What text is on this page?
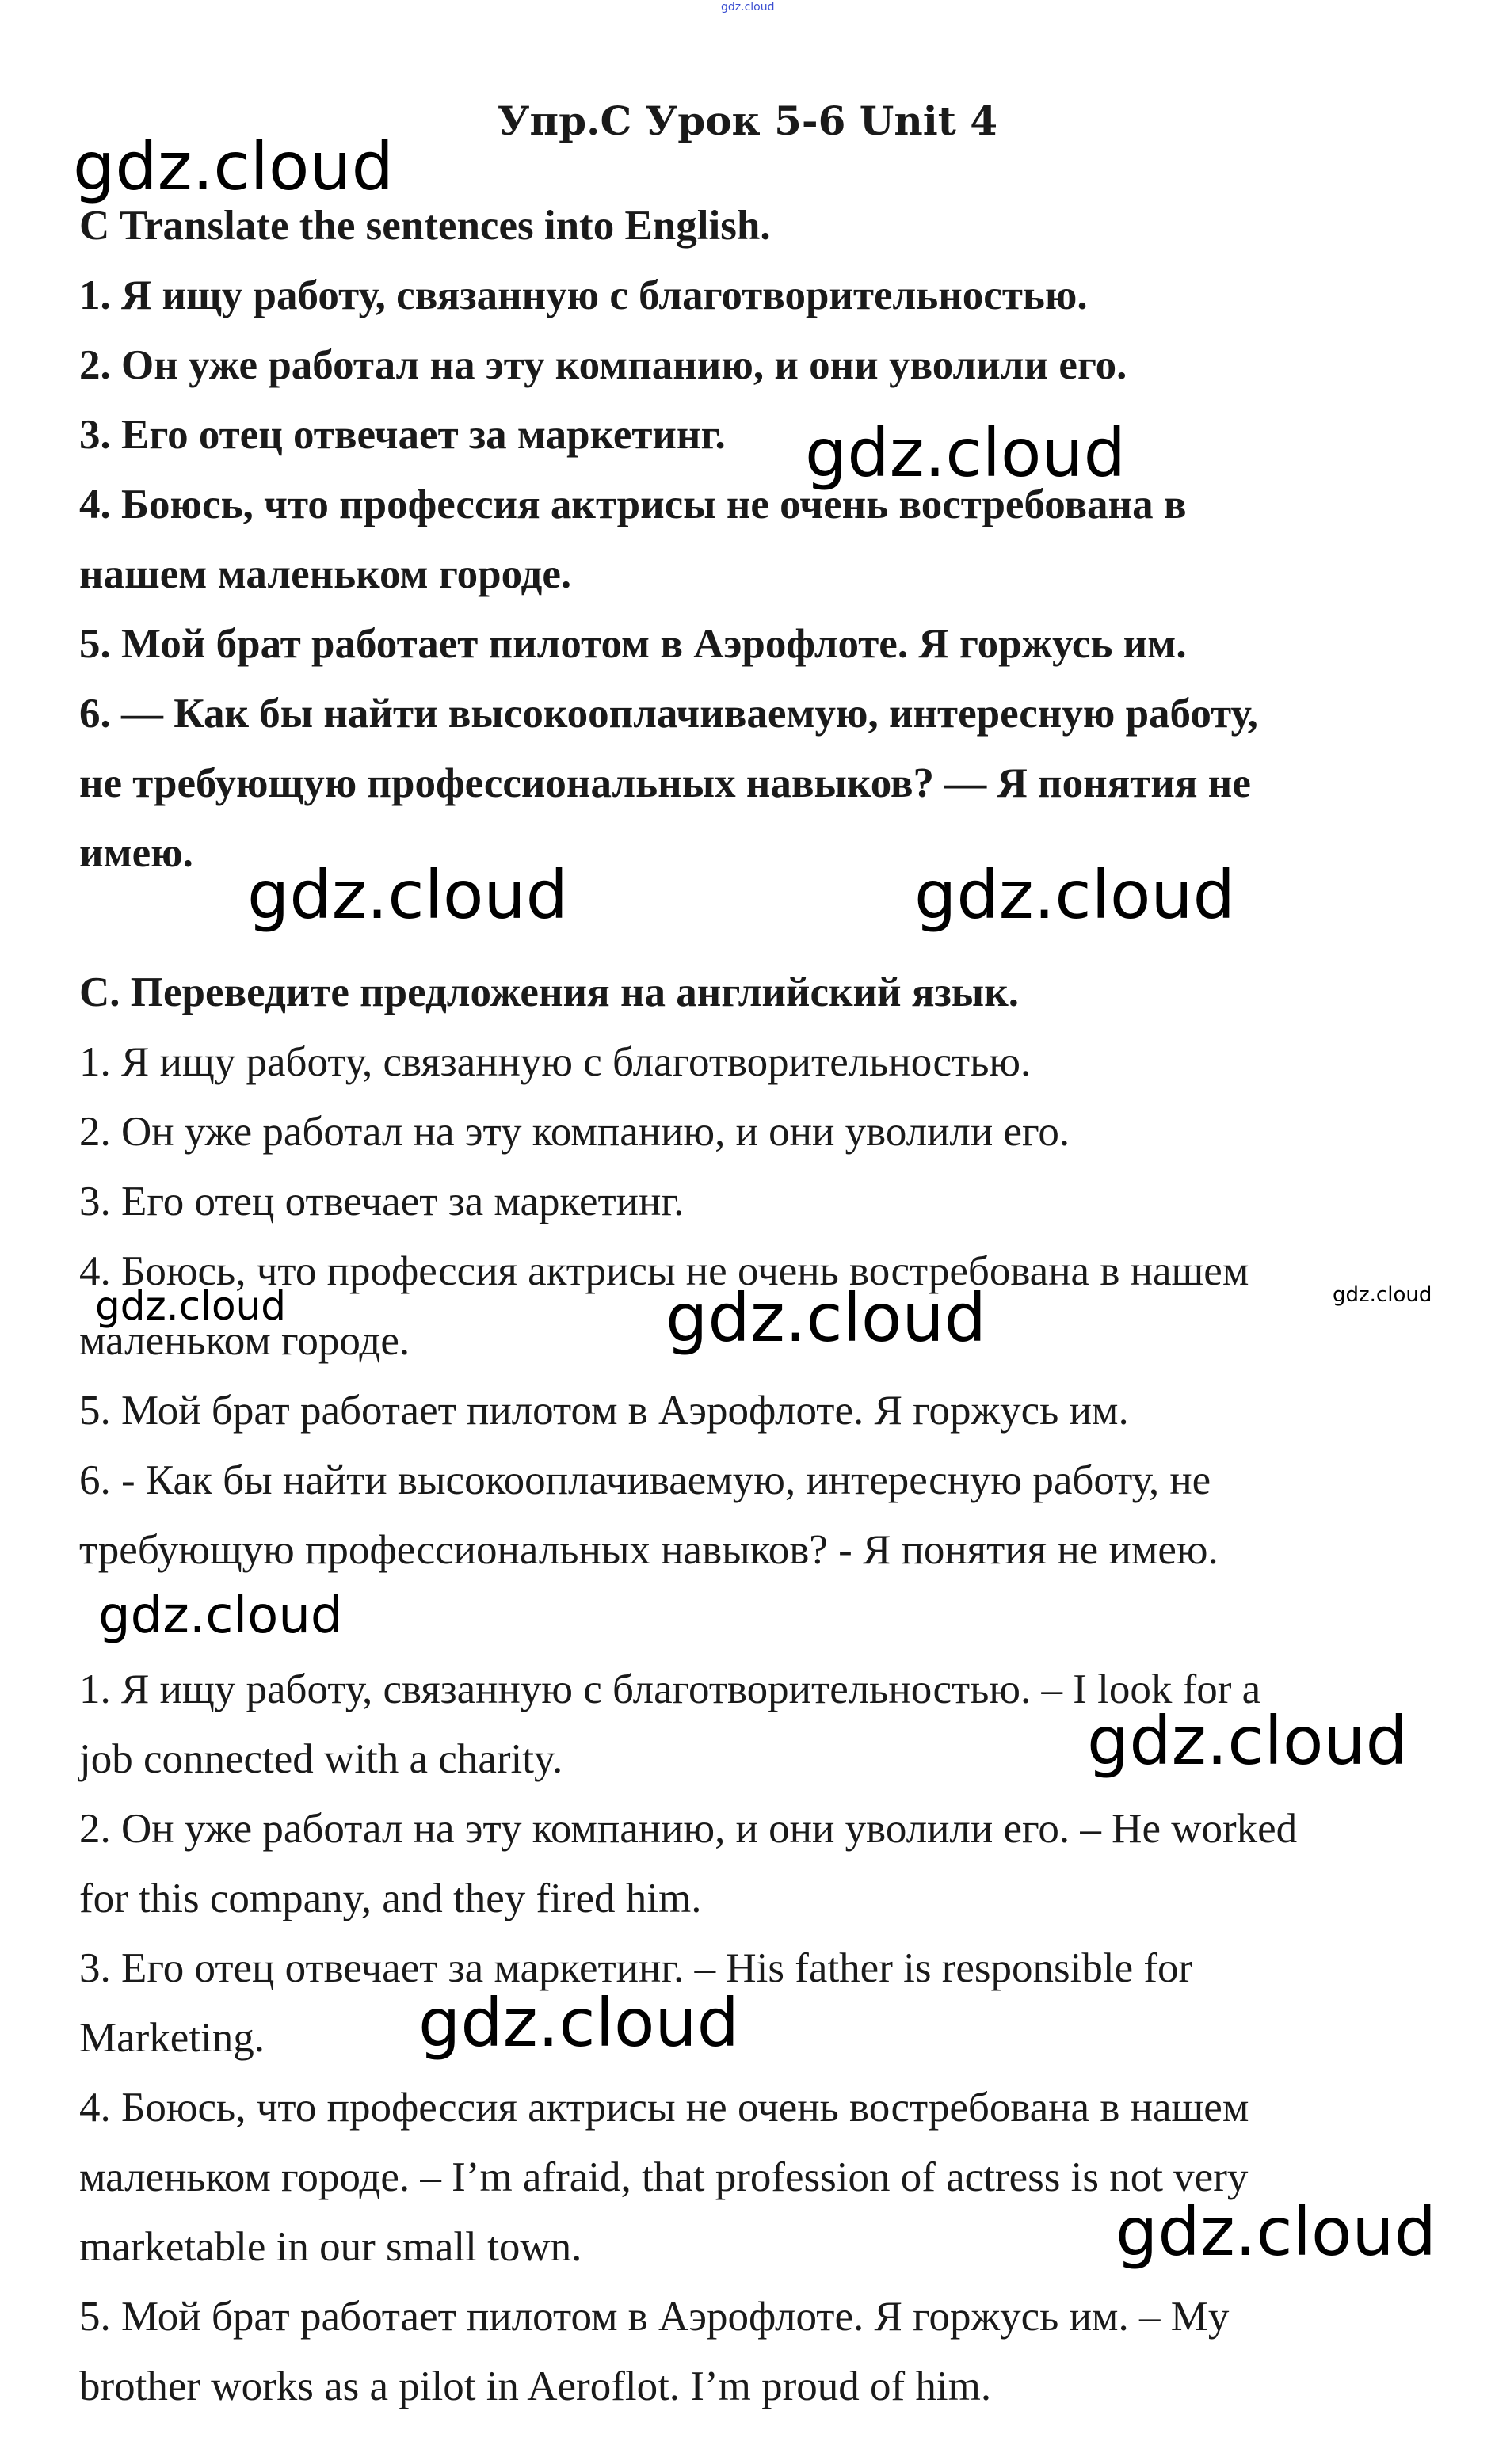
gdz.cloud
gdz.cloud
gdz.cloud
gdz.cloud	gdz.cloud
gdz.cloud	gdz.cloud	gdz.cloud
gdz.cloud
gdz.cloud
gdz.cloud
gdz.cloud
Упр.C Урок 5-6 Unit 4
C Translate the sentences into English.
1. Я ищу работу, связанную с благотворительностью.
2. Он уже работал на эту компанию, и они уволили его.
3. Его отец отвечает за маркетинг.
4. Боюсь, что профессия актрисы не очень востребована в
нашем маленьком городе.
5. Мой брат работает пилотом в Аэрофлоте. Я горжусь им.
6. — Как бы найти высокооплачиваемую, интересную работу,
не требующую профессиональных навыков? — Я понятия не
имею.
C. Переведите предложения на английский язык.
1. Я ищу работу, связанную с благотворительностью.
2. Он уже работал на эту компанию, и они уволили его.
3. Его отец отвечает за маркетинг.
4. Боюсь, что профессия актрисы не очень востребована в нашем
маленьком городе.
5. Мой брат работает пилотом в Аэрофлоте. Я горжусь им.
6. - Как бы найти высокооплачиваемую, интересную работу, не
требующую профессиональных навыков? - Я понятия не имею.
1. Я ищу работу, связанную с благотворительностью. – I look for a
job connected with a charity.
2. Он уже работал на эту компанию, и они уволили его. – He worked
for this company, and they fired him.
3. Его отец отвечает за маркетинг. – His father is responsible for
Marketing.
4. Боюсь, что профессия актрисы не очень востребована в нашем
маленьком городе. – I’m afraid, that profession of actress is not very
marketable in our small town.
5. Мой брат работает пилотом в Аэрофлоте. Я горжусь им. – My
brother works as a pilot in Aeroflot. I’m proud of him.
